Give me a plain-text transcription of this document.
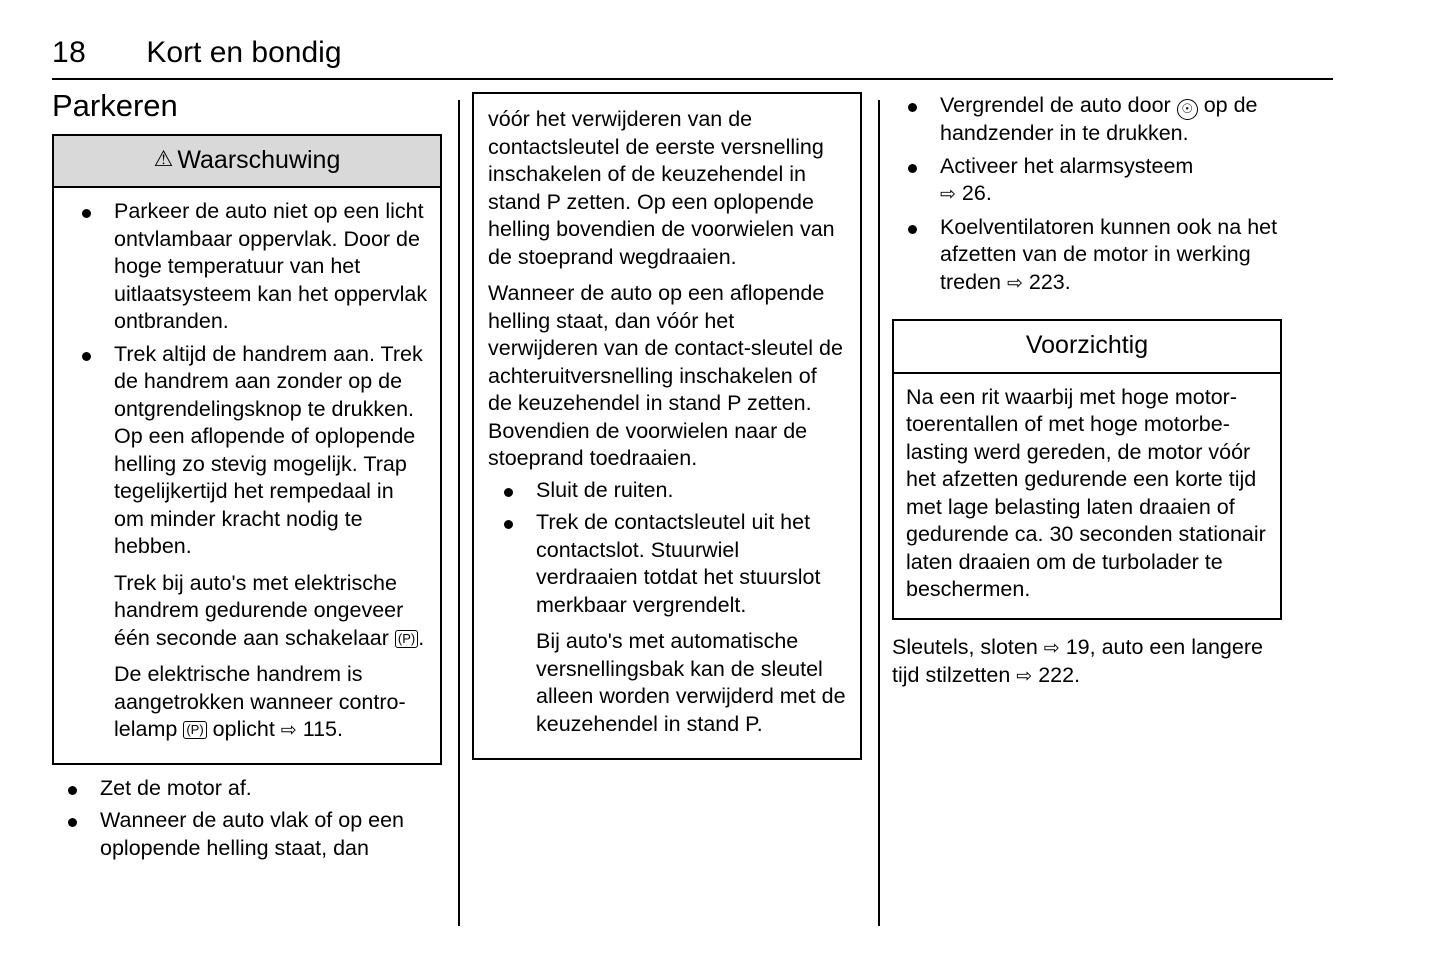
18 Kort en bondig
Parkeren
⚠ Waarschuwing
Parkeer de auto niet op een licht ontvlambaar oppervlak. Door de hoge temperatuur van het uitlaatsysteem kan het oppervlak ontbranden.
Trek altijd de handrem aan. Trek de handrem aan zonder op de ontgrendelingsknop te drukken. Op een aflopende of oplopende helling zo stevig mogelijk. Trap tegelijkertijd het rempedaal in om minder kracht nodig te hebben.

Trek bij auto's met elektrische handrem gedurende ongeveer één seconde aan schakelaar (P) .

De elektrische handrem is aangetrokken wanneer contro-lelamp (P) oplicht ⇨ 115.

Zet de motor af.
Wanneer de auto vlak of op een oplopende helling staat, dan

vóór het verwijderen van de contactsleutel de eerste versnelling inschakelen of de keuzehendel in stand P zetten. Op een oplopende helling bovendien de voorwielen van de stoeprand wegdraaien.

Wanneer de auto op een aflopende helling staat, dan vóór het verwijderen van de contact-sleutel de achteruitversnelling inschakelen of de keuzehendel in stand P zetten. Bovendien de voorwielen naar de stoeprand toedraaien.

Sluit de ruiten.
Trek de contactsleutel uit het contactslot. Stuurwiel verdraaien totdat het stuurslot merkbaar vergrendelt.

Bij auto's met automatische versnellingsbak kan de sleutel alleen worden verwijderd met de keuzehendel in stand P.

Vergrendel de auto door ☉ op de handzender in te drukken.
Activeer het alarmsysteem
⇨ 26.
Koelventilatoren kunnen ook na het afzetten van de motor in werking treden ⇨ 223.
Voorzichtig
Na een rit waarbij met hoge motor-toerentallen of met hoge motorbe-lasting werd gereden, de motor vóór het afzetten gedurende een korte tijd met lage belasting laten draaien of gedurende ca. 30 seconden stationair laten draaien om de turbolader te beschermen.

Sleutels, sloten ⇨ 19, auto een langere tijd stilzetten ⇨ 222.
